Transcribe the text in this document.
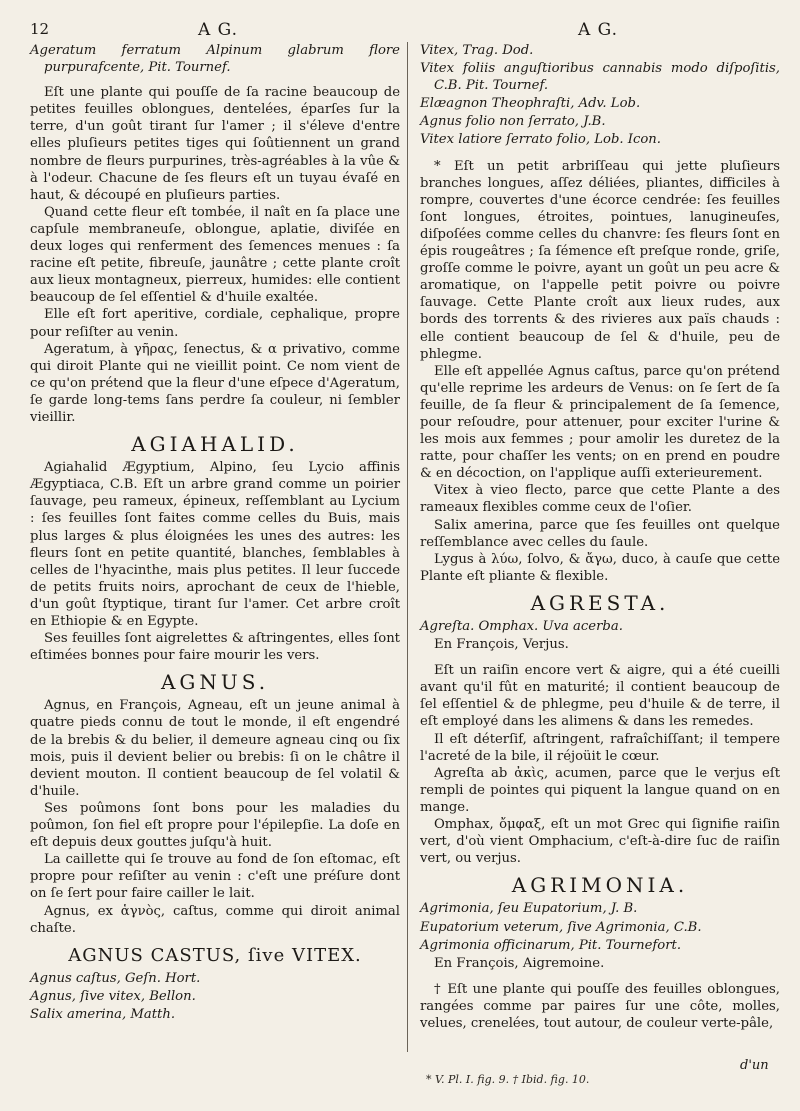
12	A G.	A G.

Ageratum ferratum Alpinum glabrum flore purpurafcente, Pit. Tournef.

Eſt une plante qui pouſſe de ſa racine beaucoup de petites feuilles oblongues, dentelées, éparſes ſur la terre, d'un goût tirant ſur l'amer ; il s'éleve d'entre elles pluſieurs petites tiges qui ſoûtiennent un grand nombre de fleurs purpurines, très-agréables à la vûe & à l'odeur. Chacune de ſes fleurs eſt un tuyau évaſé en haut, & découpé en pluſieurs parties.

Quand cette fleur eſt tombée, il naît en ſa place une capſule membraneuſe, oblongue, aplatie, diviſée en deux loges qui renferment des ſemences menues : ſa racine eſt petite, fibreuſe, jaunâtre ; cette plante croît aux lieux montagneux, pierreux, humides: elle contient beaucoup de ſel eſſentiel & d'huile exaltée.

Elle eſt fort aperitive, cordiale, cephalique, propre pour reſiſter au venin.

Ageratum, à γῆρας, ſenectus, & α privativo, comme qui diroit Plante qui ne vieillit point. Ce nom vient de ce qu'on prétend que la fleur d'une eſpece d'Ageratum, ſe garde long-tems ſans perdre ſa couleur, ni ſembler vieillir.

AGIAHALID.

Agiahalid Ægyptium, Alpino, ſeu Lycio affinis Ægyptiaca, C.B. Eſt un arbre grand comme un poirier ſauvage, peu rameux, épineux, reſſemblant au Lycium : ſes feuilles ſont faites comme celles du Buis, mais plus larges & plus éloignées les unes des autres: les fleurs ſont en petite quantité, blanches, ſemblables à celles de l'hyacinthe, mais plus petites. Il leur ſuccede de petits fruits noirs, aprochant de ceux de l'hieble, d'un goût ſtyptique, tirant ſur l'amer. Cet arbre croît en Ethiopie & en Egypte.

Ses feuilles ſont aigrelettes & aſtringentes, elles ſont eſtimées bonnes pour faire mourir les vers.

AGNUS.

Agnus, en François, Agneau, eſt un jeune animal à quatre pieds connu de tout le monde, il eſt engendré de la brebis & du belier, il demeure agneau cinq ou ſix mois, puis il devient belier ou brebis: ſi on le châtre il devient mouton. Il contient beaucoup de ſel volatil & d'huile.

Ses poûmons ſont bons pour les maladies du poûmon, ſon fiel eſt propre pour l'épilepſie. La doſe en eſt depuis deux gouttes juſqu'à huit.

La caillette qui ſe trouve au fond de ſon eſtomac, eſt propre pour reſiſter au venin : c'eſt une préſure dont on ſe ſert pour faire cailler le lait.

Agnus, ex ἁγνὸς, caſtus, comme qui diroit animal chaſte.

AGNUS CASTUS, ſive VITEX.

Agnus caſtus, Geſn. Hort.

Agnus, ſive vitex, Bellon.

Salix amerina, Matth.

Vitex, Trag. Dod.

Vitex foliis anguſtioribus cannabis modo diſpoſitis, C.B. Pit. Tournef.

Elæagnon Theophraſti, Adv. Lob.

Agnus folio non ſerrato, J.B.

Vitex latiore ſerrato folio, Lob. Icon.

* Eſt un petit arbriſſeau qui jette pluſieurs branches longues, aſſez déliées, pliantes, difficiles à rompre, couvertes d'une écorce cendrée: ſes feuilles ſont longues, étroites, pointues, lanugineuſes, diſpoſées comme celles du chanvre: ſes fleurs ſont en épis rougeâtres ; ſa ſémence eſt preſque ronde, griſe, groſſe comme le poivre, ayant un goût un peu acre & aromatique, on l'appelle petit poivre ou poivre ſauvage. Cette Plante croît aux lieux rudes, aux bords des torrents & des rivieres aux païs chauds : elle contient beaucoup de ſel & d'huile, peu de phlegme.

Elle eſt appellée Agnus caſtus, parce qu'on prétend qu'elle reprime les ardeurs de Venus: on ſe ſert de ſa feuille, de ſa fleur & principalement de ſa ſemence, pour reſoudre, pour attenuer, pour exciter l'urine & les mois aux femmes ; pour amolir les duretez de la ratte, pour chaſſer les vents; on en prend en poudre & en décoction, on l'applique auſſi exterieurement.

Vitex à vieo flecto, parce que cette Plante a des rameaux flexibles comme ceux de l'oſier.

Salix amerina, parce que ſes feuilles ont quelque reſſemblance avec celles du ſaule.

Lygus à λύω, ſolvo, & ἄγω, duco, à cauſe que cette Plante eſt pliante & flexible.

AGRESTA.

Agreſta. Omphax. Uva acerba.

En François, Verjus.

Eſt un raiſin encore vert & aigre, qui a été cueilli avant qu'il fût en maturité; il contient beaucoup de ſel eſſentiel & de phlegme, peu d'huile & de terre, il eſt employé dans les alimens & dans les remedes.

Il eſt déterſif, aſtringent, rafraîchiſſant; il tempere l'acreté de la bile, il réjoüit le cœur.

Agreſta ab ἀκὶς, acumen, parce que le verjus eſt rempli de pointes qui piquent la langue quand on en mange.

Omphax, ὄμφαξ, eſt un mot Grec qui ſignifie raiſin vert, d'où vient Omphacium, c'eſt-à-dire ſuc de raiſin vert, ou verjus.

AGRIMONIA.

Agrimonia, ſeu Eupatorium, J. B.

Eupatorium veterum, ſive Agrimonia, C.B.

Agrimonia officinarum, Pit. Tournefort.

En François, Aigremoine.

† Eſt une plante qui pouſſe des feuilles oblongues, rangées comme par paires ſur une côte, molles, velues, crenelées, tout autour, de couleur verte-pâle,

d'un
* V. Pl. I. fig. 9. † Ibid. fig. 10.
